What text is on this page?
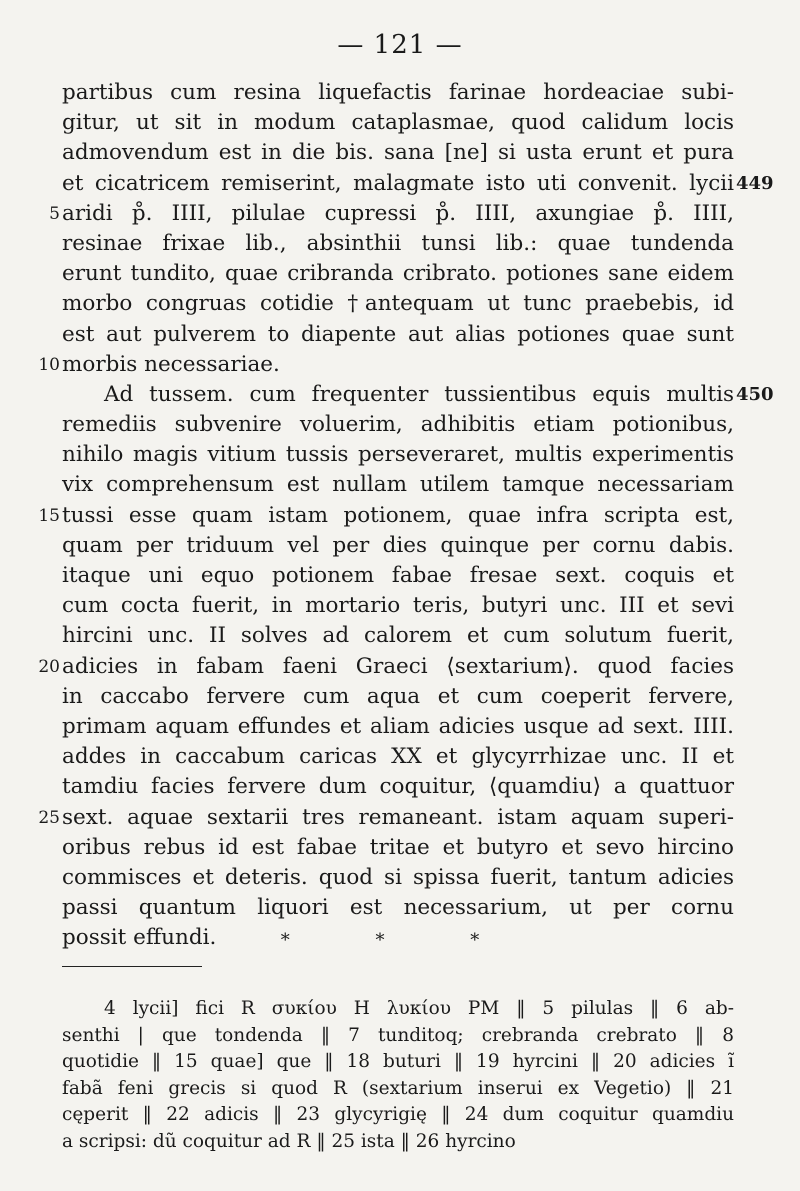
— 121 —
partibus cum resina liquefactis farinae hordeaciae subi-
gitur, ut sit in modum cataplasmae, quod calidum locis
admovendum est in die bis. sana [ne] si usta erunt et pura
et cicatricem remiserint, malagmate isto uti convenit. lycii 449
5 aridi p̊. IIII, pilulae cupressi p̊. IIII, axungiae p̊. IIII,
resinae frixae lib., absinthii tunsi lib.: quae tundenda
erunt tundito, quae cribranda cribrato. potiones sane eidem
morbo congruas cotidie †antequam ut tunc praebebis, id
est aut pulverem to diapente aut alias potiones quae sunt
10 morbis necessariae.
Ad tussem. cum frequenter tussientibus equis multis 450
remediis subvenire voluerim, adhibitis etiam potionibus,
nihilo magis vitium tussis perseveraret, multis experimentis
vix comprehensum est nullam utilem tamque necessariam
15 tussi esse quam istam potionem, quae infra scripta est,
quam per triduum vel per dies quinque per cornu dabis.
itaque uni equo potionem fabae fresae sext. coquis et
cum cocta fuerit, in mortario teris, butyri unc. III et sevi
hircini unc. II solves ad calorem et cum solutum fuerit,
20 adicies in fabam faeni Graeci ⟨sextarium⟩. quod facies
in caccabo fervere cum aqua et cum coeperit fervere,
primam aquam effundes et aliam adicies usque ad sext. IIII.
addes in caccabum caricas XX et glycyrrhizae unc. II et
tamdiu facies fervere dum coquitur, ⟨quamdiu⟩ a quattuor
25 sext. aquae sextarii tres remaneant. istam aquam superi-
oribus rebus id est fabae tritae et butyro et sevo hircino
commisces et deteris. quod si spissa fuerit, tantum adicies
passi quantum liquori est necessarium, ut per cornu
possit effundi.	* * *
4 lycii] fici R συκίου H λυκίου PM ‖ 5 pilulas ‖ 6 ab-
senthi | que tondenda ‖ 7 tunditoq; crebranda crebrato ‖ 8
quotidie ‖ 15 quae] que ‖ 18 buturi ‖ 19 hyrcini ‖ 20 adicies ĩ
fabã feni grecis si quod R (sextarium inserui ex Vegetio) ‖ 21
cęperit ‖ 22 adicis ‖ 23 glycyrigię ‖ 24 dum coquitur quamdiu
a scripsi: dũ coquitur ad R ‖ 25 ista ‖ 26 hyrcino
